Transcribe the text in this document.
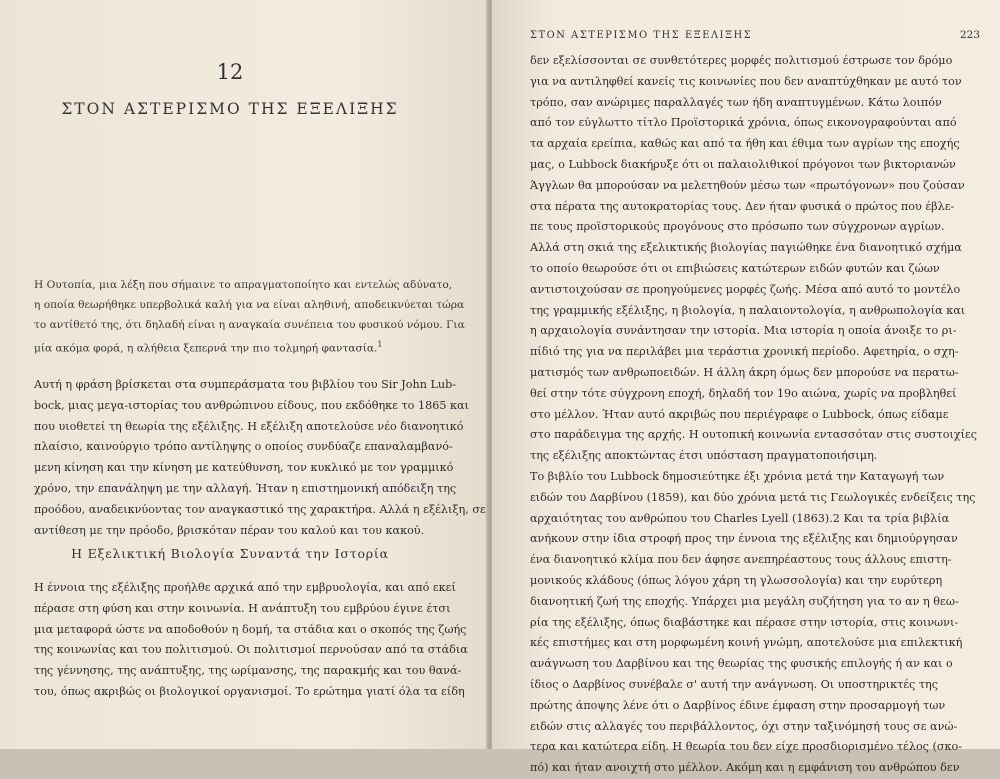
12
ΣΤΟΝ ΑΣΤΕΡΙΣΜΟ ΤΗΣ ΕΞΕΛΙΞΗΣ
Η Ουτοπία, μια λέξη που σήμαινε το απραγματοποίητο και εντελώς αδύνατο,
η οποία θεωρήθηκε υπερβολικά καλή για να είναι αληθινή, αποδεικνύεται τώρα
το αντίθετό της, ότι δηλαδή είναι η αναγκαία συνέπεια του φυσικού νόμου. Για
μία ακόμα φορά, η αλήθεια ξεπερνά την πιο τολμηρή φαντασία.$^1$
Αυτή η φράση βρίσκεται στα συμπεράσματα του βιβλίου του Sir John Lub-
bock, μιας μεγα-ιστορίας του ανθρώπινου είδους, που εκδόθηκε το 1865 και
που υιοθετεί τη θεωρία της εξέλιξης. Η εξέλιξη αποτελούσε νέο διανοητικό
πλαίσιο, καινούργιο τρόπο αντίληψης ο οποίος συνδύαζε επαναλαμβανό-
μενη κίνηση και την κίνηση με κατεύθυνση, τον κυκλικό με τον γραμμικό
χρόνο, την επανάληψη με την αλλαγή. Ήταν η επιστημονική απόδειξη της
προόδου, αναδεικνύοντας τον αναγκαστικό της χαρακτήρα. Αλλά η εξέλιξη, σε
αντίθεση με την πρόοδο, βρισκόταν πέραν του καλού και του κακού.
Η Εξελικτική Βιολογία Συναντά την Ιστορία
Η έννοια της εξέλιξης προήλθε αρχικά από την εμβρυολογία, και από εκεί
πέρασε στη φύση και στην κοινωνία. Η ανάπτυξη του εμβρύου έγινε έτσι
μια μεταφορά ώστε να αποδοθούν η δομή, τα στάδια και ο σκοπός της ζωής
της κοινωνίας και του πολιτισμού. Οι πολιτισμοί περνούσαν από τα στάδια
της γέννησης, της ανάπτυξης, της ωρίμανσης, της παρακμής και του θανά-
του, όπως ακριβώς οι βιολογικοί οργανισμοί. Το ερώτημα γιατί όλα τα είδη
ΣΤΟΝ ΑΣΤΕΡΙΣΜΟ ΤΗΣ ΕΞΕΛΙΞΗΣ	223
δεν εξελίσσονται σε συνθετότερες μορφές πολιτισμού έστρωσε τον δρόμο
για να αντιληφθεί κανείς τις κοινωνίες που δεν αναπτύχθηκαν με αυτό τον
τρόπο, σαν ανώριμες παραλλαγές των ήδη αναπτυγμένων. Κάτω λοιπόν
από τον εύγλωττο τίτλο Προϊστορικά χρόνια, όπως εικονογραφούνται από
τα αρχαία ερείπια, καθώς και από τα ήθη και έθιμα των αγρίων της εποχής
μας, ο Lubbock διακήρυξε ότι οι παλαιολιθικοί πρόγονοι των βικτοριανών
Άγγλων θα μπορούσαν να μελετηθούν μέσω των «πρωτόγονων» που ζούσαν
στα πέρατα της αυτοκρατορίας τους. Δεν ήταν φυσικά ο πρώτος που έβλε-
πε τους προϊστορικούς προγόνους στο πρόσωπο των σύγχρονων αγρίων.
Αλλά στη σκιά της εξελικτικής βιολογίας παγιώθηκε ένα διανοητικό σχήμα
το οποίο θεωρούσε ότι οι επιβιώσεις κατώτερων ειδών φυτών και ζώων
αντιστοιχούσαν σε προηγούμενες μορφές ζωής. Μέσα από αυτό το μοντέλο
της γραμμικής εξέλιξης, η βιολογία, η παλαιοντολογία, η ανθρωπολογία και
η αρχαιολογία συνάντησαν την ιστορία. Μια ιστορία η οποία άνοιξε το ρι-
πίδιό της για να περιλάβει μια τεράστια χρονική περίοδο. Αφετηρία, ο σχη-
ματισμός των ανθρωποειδών. Η άλλη άκρη όμως δεν μπορούσε να περατω-
θεί στην τότε σύγχρονη εποχή, δηλαδή τον 19ο αιώνα, χωρίς να προβληθεί
στο μέλλον. Ήταν αυτό ακριβώς που περιέγραφε ο Lubbock, όπως είδαμε
στο παράδειγμα της αρχής. Η ουτοπική κοινωνία εντασσόταν στις συστοιχίες
της εξέλιξης αποκτώντας έτσι υπόσταση πραγματοποιήσιμη.
Το βιβλίο του Lubbock δημοσιεύτηκε έξι χρόνια μετά την Καταγωγή των
ειδών του Δαρβίνου (1859), και δύο χρόνια μετά τις Γεωλογικές ενδείξεις της
αρχαιότητας του ανθρώπου του Charles Lyell (1863).2 Και τα τρία βιβλία
ανήκουν στην ίδια στροφή προς την έννοια της εξέλιξης και δημιούργησαν
ένα διανοητικό κλίμα που δεν άφησε ανεπηρέαστους τους άλλους επιστη-
μονικούς κλάδους (όπως λόγου χάρη τη γλωσσολογία) και την ευρύτερη
διανοητική ζωή της εποχής. Υπάρχει μια μεγάλη συζήτηση για το αν η θεω-
ρία της εξέλιξης, όπως διαβάστηκε και πέρασε στην ιστορία, στις κοινωνι-
κές επιστήμες και στη μορφωμένη κοινή γνώμη, αποτελούσε μια επιλεκτική
ανάγνωση του Δαρβίνου και της θεωρίας της φυσικής επιλογής ή αν και ο
ίδιος ο Δαρβίνος συνέβαλε σ' αυτή την ανάγνωση. Οι υποστηρικτές της
πρώτης άποψης λένε ότι ο Δαρβίνος έδινε έμφαση στην προσαρμογή των
ειδών στις αλλαγές του περιβάλλοντος, όχι στην ταξινόμησή τους σε ανώ-
τερα και κατώτερα είδη. Η θεωρία του δεν είχε προσδιορισμένο τέλος (σκο-
πό) και ήταν ανοιχτή στο μέλλον. Ακόμη και η εμφάνιση του ανθρώπου δεν
